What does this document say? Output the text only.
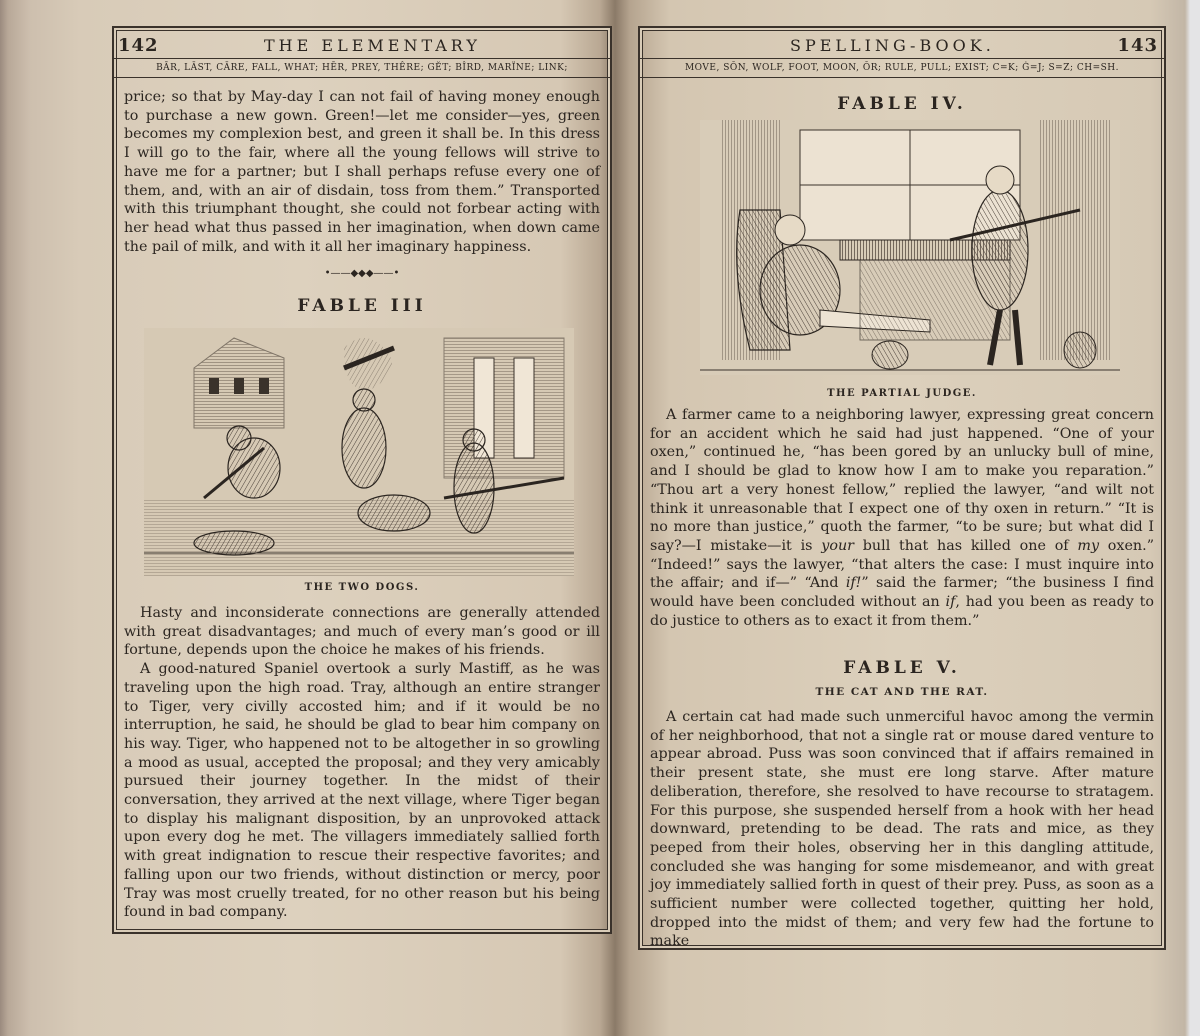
142	THE ELEMENTARY
BĀR, LĀST, CĀRE, FALL, WHAT; HĒR, PREY, THÊRE; GĔT; BÎRD, MARÏNE; LINK;

price; so that by May-day I can not fail of having money enough to purchase a new gown. Green!—let me consider—yes, green becomes my complexion best, and green it shall be. In this dress I will go to the fair, where all the young fellows will strive to have me for a partner; but I shall perhaps refuse every one of them, and, with an air of disdain, toss from them.” Transported with this triumphant thought, she could not forbear acting with her head what thus passed in her imagination, when down came the pail of milk, and with it all her imaginary happiness.

•——◆◆◆——•

FABLE III

THE TWO DOGS.

Hasty and inconsiderate connections are generally attended with great disadvantages; and much of every man’s good or ill fortune, depends upon the choice he makes of his friends.

A good-natured Spaniel overtook a surly Mastiff, as he was traveling upon the high road. Tray, although an entire stranger to Tiger, very civilly accosted him; and if it would be no interruption, he said, he should be glad to bear him company on his way. Tiger, who happened not to be altogether in so growling a mood as usual, accepted the proposal; and they very amicably pursued their journey together. In the midst of their conversation, they arrived at the next village, where Tiger began to display his malignant disposition, by an unprovoked attack upon every dog he met. The villagers immediately sallied forth with great indignation to rescue their respective favorites; and falling upon our two friends, without distinction or mercy, poor Tray was most cruelly treated, for no other reason but his being found in bad company.

SPELLING-BOOK.	143
MOVE, SŎN, WOLF, FOOT, MOON, ŎR; RULE, PULL; EXIST; C=K; Ġ=J; S=Z; CH=SH.

FABLE IV.

THE PARTIAL JUDGE.

A farmer came to a neighboring lawyer, expressing great concern for an accident which he said had just happened. “One of your oxen,” continued he, “has been gored by an unlucky bull of mine, and I should be glad to know how I am to make you reparation.” “Thou art a very honest fellow,” replied the lawyer, “and wilt not think it unreasonable that I expect one of thy oxen in return.” “It is no more than justice,” quoth the farmer, “to be sure; but what did I say?—I mistake—it is your bull that has killed one of my oxen.” “Indeed!” says the lawyer, “that alters the case: I must inquire into the affair; and if—” “And if!” said the farmer; “the business I find would have been concluded without an if, had you been as ready to do justice to others as to exact it from them.”

FABLE V.

THE CAT AND THE RAT.

A certain cat had made such unmerciful havoc among the vermin of her neighborhood, that not a single rat or mouse dared venture to appear abroad. Puss was soon convinced that if affairs remained in their present state, she must ere long starve. After mature deliberation, therefore, she resolved to have recourse to stratagem. For this purpose, she suspended herself from a hook with her head downward, pretending to be dead. The rats and mice, as they peeped from their holes, observing her in this dangling attitude, concluded she was hanging for some misdemeanor, and with great joy immediately sallied forth in quest of their prey. Puss, as soon as a sufficient number were collected together, quitting her hold, dropped into the midst of them; and very few had the fortune to make
